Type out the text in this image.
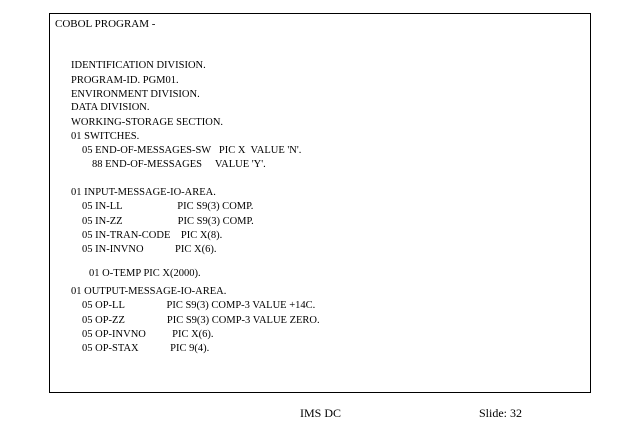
COBOL PROGRAM -
IDENTIFICATION DIVISION.
PROGRAM-ID. PGM01.
ENVIRONMENT DIVISION.
DATA DIVISION.
WORKING-STORAGE SECTION.
01 SWITCHES.
05 END-OF-MESSAGES-SW   PIC X  VALUE 'N'.
88 END-OF-MESSAGES     VALUE 'Y'.
01 INPUT-MESSAGE-IO-AREA.
05 IN-LL                     PIC S9(3) COMP.
05 IN-ZZ                     PIC S9(3) COMP.
05 IN-TRAN-CODE    PIC X(8).
05 IN-INVNO            PIC X(6).
01 O-TEMP PIC X(2000).
01 OUTPUT-MESSAGE-IO-AREA.
05 OP-LL                PIC S9(3) COMP-3 VALUE +14C.
05 OP-ZZ                PIC S9(3) COMP-3 VALUE ZERO.
05 OP-INVNO          PIC X(6).
05 OP-STAX            PIC 9(4).
IMS DC	Slide: 32
